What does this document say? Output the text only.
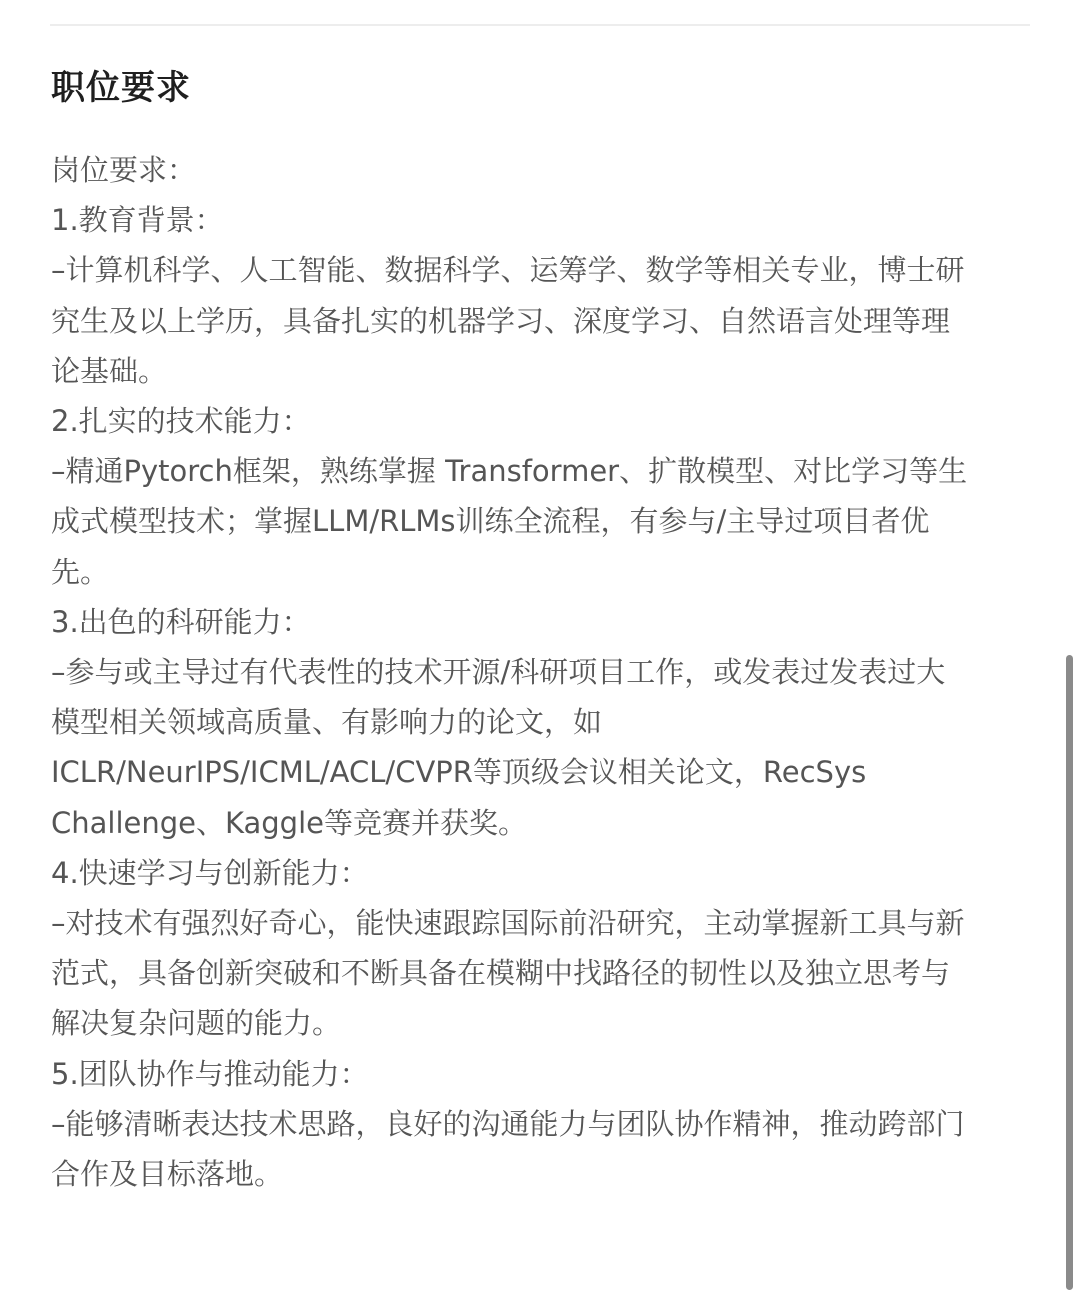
职位要求

岗位要求：

1.教育背景：

–计算机科学、人工智能、数据科学、运筹学、数学等相关专业，博士研

究生及以上学历，具备扎实的机器学习、深度学习、自然语言处理等理

论基础。

2.扎实的技术能力：

–精通Pytorch框架，熟练掌握 Transformer、扩散模型、对比学习等生

成式模型技术；掌握LLM/RLMs训练全流程，有参与/主导过项目者优

先。

3.出色的科研能力：

–参与或主导过有代表性的技术开源/科研项目工作，或发表过发表过大

模型相关领域高质量、有影响力的论文，如

ICLR/NeurIPS/ICML/ACL/CVPR等顶级会议相关论文，RecSys

Challenge、Kaggle等竞赛并获奖。

4.快速学习与创新能力：

–对技术有强烈好奇心，能快速跟踪国际前沿研究，主动掌握新工具与新

范式，具备创新突破和不断具备在模糊中找路径的韧性以及独立思考与

解决复杂问题的能力。

5.团队协作与推动能力：

–能够清晰表达技术思路，良好的沟通能力与团队协作精神，推动跨部门

合作及目标落地。
